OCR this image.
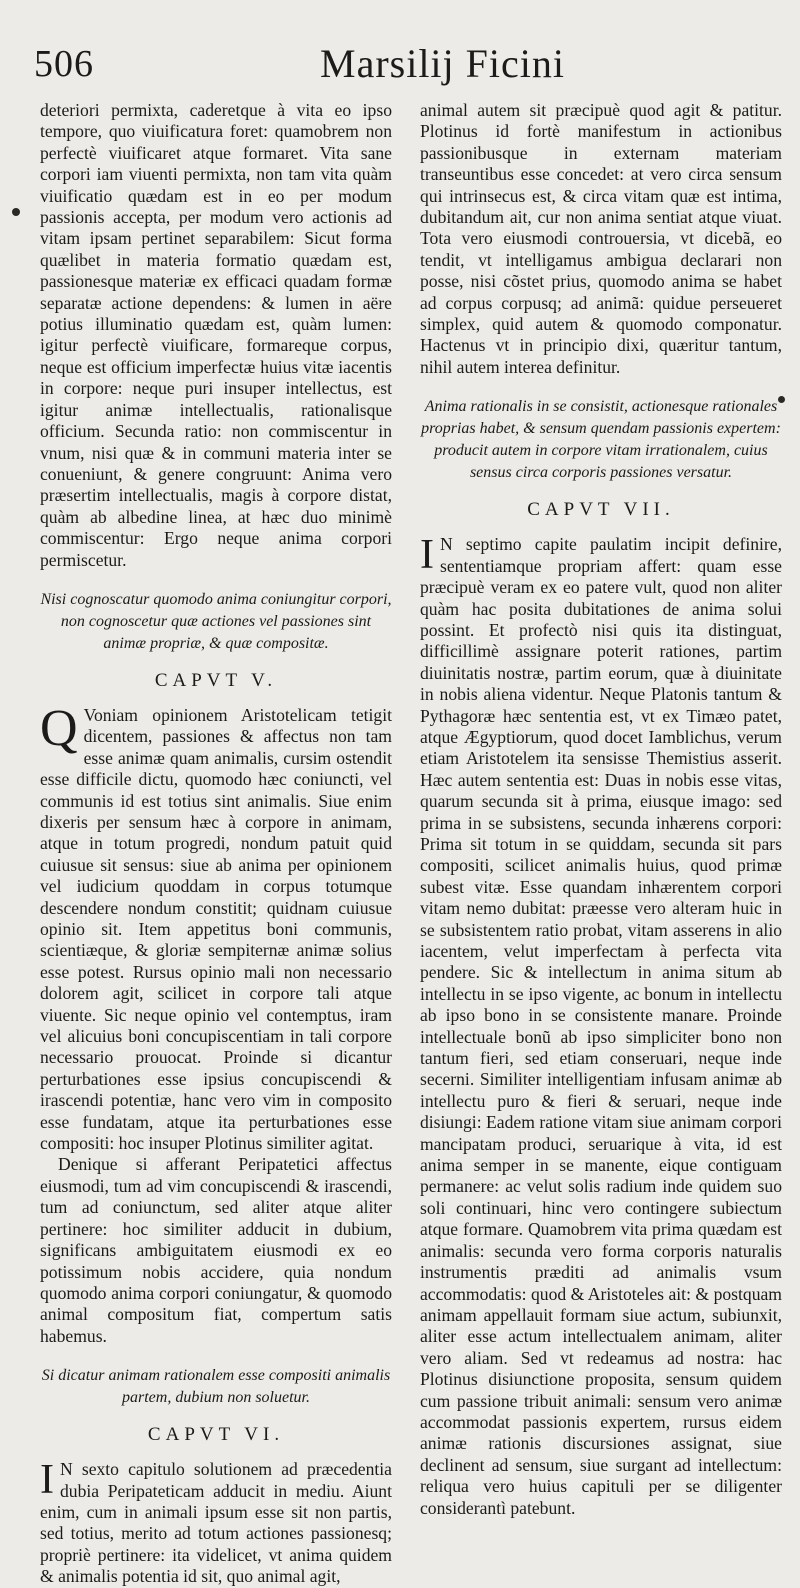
506	Marsilij Ficini

deteriori permixta, caderetque à vita eo ipso tempore, quo viuificatura foret: quamobrem non perfectè viuificaret atque formaret. Vita sane corpori iam viuenti permixta, non tam vita quàm viuificatio quædam est in eo per modum passionis accepta, per modum vero actionis ad vitam ipsam pertinet separabilem: Sicut forma quælibet in materia formatio quædam est, passionesque materiæ ex efficaci quadam formæ separatæ actione dependens: & lumen in aëre potius illuminatio quædam est, quàm lumen: igitur perfectè viuificare, formareque corpus, neque est officium imperfectæ huius vitæ iacentis in corpore: neque puri insuper intellectus, est igitur animæ intellectualis, rationalisque officium. Secunda ratio: non commiscentur in vnum, nisi quæ & in communi materia inter se conueniunt, & genere congruunt: Anima vero præsertim intellectualis, magis à corpore distat, quàm ab albedine linea, at hæc duo minimè commiscentur: Ergo neque anima corpori permiscetur.

Nisi cognoscatur quomodo anima coniungitur corpori, non cognoscetur quæ actiones vel passiones sint animæ propriæ, & quæ compositæ.

CAPVT V.

Q Voniam opinionem Aristotelicam tetigit dicentem, passiones & affectus non tam esse animæ quam animalis, cursim ostendit esse difficile dictu, quomodo hæc coniuncti, vel communis id est totius sint animalis. Siue enim dixeris per sensum hæc à corpore in animam, atque in totum progredi, nondum patuit quid cuiusue sit sensus: siue ab anima per opinionem vel iudicium quoddam in corpus totumque descendere nondum constitit; quidnam cuiusue opinio sit. Item appetitus boni communis, scientiæque, & gloriæ sempiternæ animæ solius esse potest. Rursus opinio mali non necessario dolorem agit, scilicet in corpore tali atque viuente. Sic neque opinio vel contemptus, iram vel alicuius boni concupiscentiam in tali corpore necessario prouocat. Proinde si dicantur perturbationes esse ipsius concupiscendi & irascendi potentiæ, hanc vero vim in composito esse fundatam, atque ita perturbationes esse compositi: hoc insuper Plotinus similiter agitat.

Denique si afferant Peripatetici affectus eiusmodi, tum ad vim concupiscendi & irascendi, tum ad coniunctum, sed aliter atque aliter pertinere: hoc similiter adducit in dubium, significans ambiguitatem eiusmodi ex eo potissimum nobis accidere, quia nondum quomodo anima corpori coniungatur, & quomodo animal compositum fiat, compertum satis habemus.

Si dicatur animam rationalem esse compositi animalis partem, dubium non soluetur.

CAPVT VI.

I N sexto capitulo solutionem ad præcedentia dubia Peripateticam adducit in mediu. Aiunt enim, cum in animali ipsum esse sit non partis, sed totius, merito ad totum actiones passionesq; propriè pertinere: ita videlicet, vt anima quidem & animalis potentia id sit, quo animal agit,

animal autem sit præcipuè quod agit & patitur. Plotinus id fortè manifestum in actionibus passionibusque in externam materiam transeuntibus esse concedet: at vero circa sensum qui intrinsecus est, & circa vitam quæ est intima, dubitandum ait, cur non anima sentiat atque viuat. Tota vero eiusmodi controuersia, vt dicebã, eo tendit, vt intelligamus ambigua declarari non posse, nisi cõstet prius, quomodo anima se habet ad corpus corpusq; ad animã: quidue perseueret simplex, quid autem & quomodo componatur. Hactenus vt in principio dixi, quæritur tantum, nihil autem interea definitur.

Anima rationalis in se consistit, actionesque rationales proprias habet, & sensum quendam passionis expertem: producit autem in corpore vitam irrationalem, cuius sensus circa corporis passiones versatur.

CAPVT VII.

I N septimo capite paulatim incipit definire, sententiamque propriam affert: quam esse præcipuè veram ex eo patere vult, quod non aliter quàm hac posita dubitationes de anima solui possint. Et profectò nisi quis ita distinguat, difficillimè assignare poterit rationes, partim diuinitatis nostræ, partim eorum, quæ à diuinitate in nobis aliena videntur. Neque Platonis tantum & Pythagoræ hæc sententia est, vt ex Timæo patet, atque Ægyptiorum, quod docet Iamblichus, verum etiam Aristotelem ita sensisse Themistius asserit. Hæc autem sententia est: Duas in nobis esse vitas, quarum secunda sit à prima, eiusque imago: sed prima in se subsistens, secunda inhærens corpori: Prima sit totum in se quiddam, secunda sit pars compositi, scilicet animalis huius, quod primæ subest vitæ. Esse quandam inhærentem corpori vitam nemo dubitat: præesse vero alteram huic in se subsistentem ratio probat, vitam asserens in alio iacentem, velut imperfectam à perfecta vita pendere. Sic & intellectum in anima situm ab intellectu in se ipso vigente, ac bonum in intellectu ab ipso bono in se consistente manare. Proinde intellectuale bonũ ab ipso simpliciter bono non tantum fieri, sed etiam conseruari, neque inde secerni. Similiter intelligentiam infusam animæ ab intellectu puro & fieri & seruari, neque inde disiungi: Eadem ratione vitam siue animam corpori mancipatam produci, seruarique à vita, id est anima semper in se manente, eique contiguam permanere: ac velut solis radium inde quidem suo soli continuari, hinc vero contingere subiectum atque formare. Quamobrem vita prima quædam est animalis: secunda vero forma corporis naturalis instrumentis præditi ad animalis vsum accommodatis: quod & Aristoteles ait: & postquam animam appellauit formam siue actum, subiunxit, aliter esse actum intellectualem animam, aliter vero aliam. Sed vt redeamus ad nostra: hac Plotinus disiunctione proposita, sensum quidem cum passione tribuit animali: sensum vero animæ accommodat passionis expertem, rursus eidem animæ rationis discursiones assignat, siue declinent ad sensum, siue surgant ad intellectum: reliqua vero huius capituli per se diligenter considerantì patebunt.
